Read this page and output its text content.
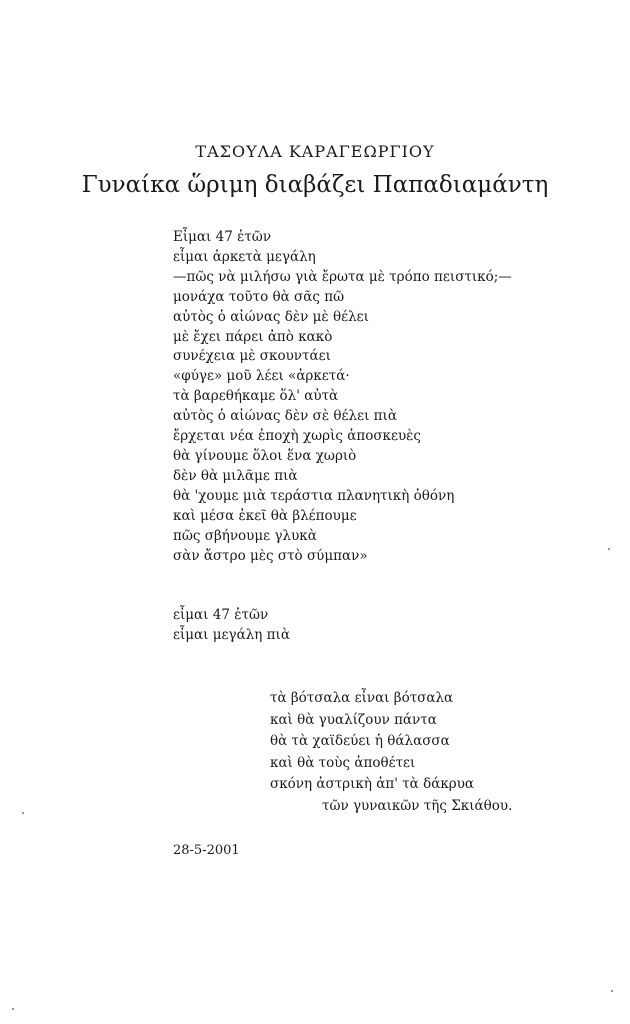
ΤΑΣΟΥΛΑ ΚΑΡΑΓΕΩΡΓΙΟΥ
Γυναίκα ὥριμη διαβάζει Παπαδιαμάντη
Εἶμαι 47 ἐτῶν
εἶμαι ἀρκετὰ μεγάλη
—πῶς νὰ μιλήσω γιὰ ἔρωτα μὲ τρόπο πειστικό;—
μονάχα τοῦτο θὰ σᾶς πῶ
αὐτὸς ὁ αἰώνας δὲν μὲ θέλει
μὲ ἔχει πάρει ἀπὸ κακὸ
συνέχεια μὲ σκουντάει
«φύγε» μοῦ λέει «ἀρκετά·
τὰ βαρεθήκαμε ὅλ' αὐτὰ
αὐτὸς ὁ αἰώνας δὲν σὲ θέλει πιὰ
ἔρχεται νέα ἐποχὴ χωρὶς ἀποσκευὲς
θὰ γίνουμε ὅλοι ἕνα χωριὸ
δὲν θὰ μιλᾶμε πιὰ
θὰ 'χουμε μιὰ τεράστια πλανητικὴ ὀθόνη
καὶ μέσα ἐκεῖ θὰ βλέπουμε
πῶς σβήνουμε γλυκὰ
σὰν ἄστρο μὲς στὸ σύμπαν»
εἶμαι 47 ἐτῶν
εἶμαι μεγάλη πιὰ
τὰ βότσαλα εἶναι βότσαλα
καὶ θὰ γυαλίζουν πάντα
θὰ τὰ χαϊδεύει ἡ θάλασσα
καὶ θὰ τοὺς ἀποθέτει
σκόνη ἀστρικὴ ἀπ' τὰ δάκρυα
τῶν γυναικῶν τῆς Σκιάθου.
28-5-2001
